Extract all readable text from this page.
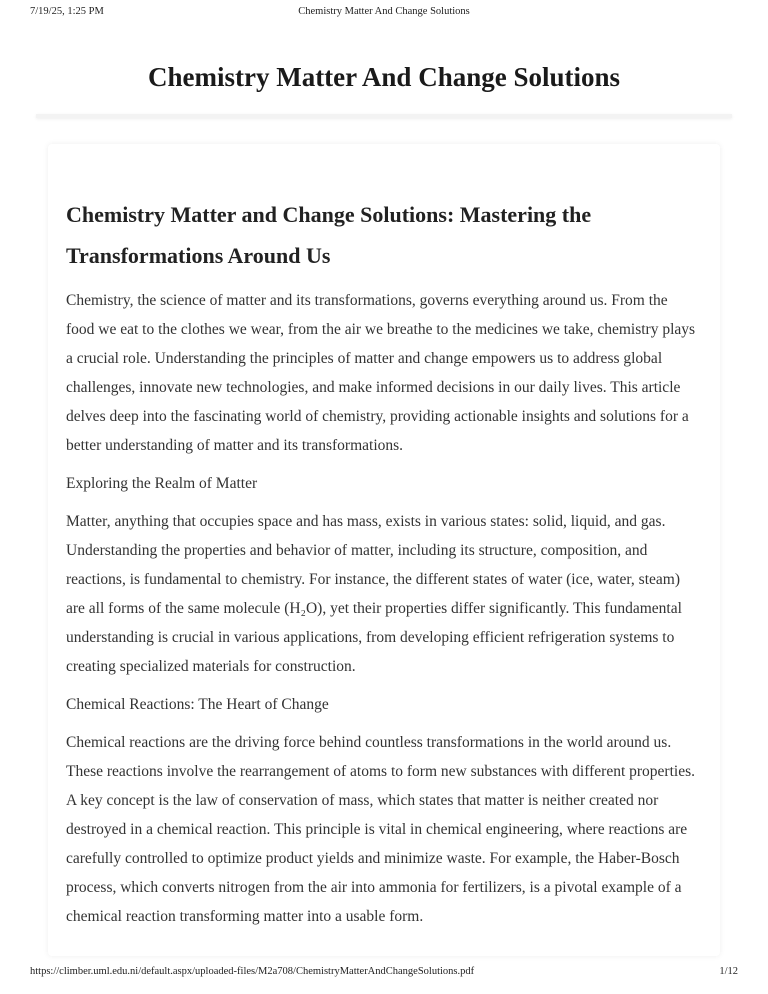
7/19/25, 1:25 PM	Chemistry Matter And Change Solutions
Chemistry Matter And Change Solutions
Chemistry Matter and Change Solutions: Mastering the Transformations Around Us

Chemistry, the science of matter and its transformations, governs everything around us. From the food we eat to the clothes we wear, from the air we breathe to the medicines we take, chemistry plays a crucial role. Understanding the principles of matter and change empowers us to address global challenges, innovate new technologies, and make informed decisions in our daily lives. This article delves deep into the fascinating world of chemistry, providing actionable insights and solutions for a better understanding of matter and its transformations.

Exploring the Realm of Matter

Matter, anything that occupies space and has mass, exists in various states: solid, liquid, and gas. Understanding the properties and behavior of matter, including its structure, composition, and reactions, is fundamental to chemistry. For instance, the different states of water (ice, water, steam) are all forms of the same molecule (H₂O), yet their properties differ significantly. This fundamental understanding is crucial in various applications, from developing efficient refrigeration systems to creating specialized materials for construction.

Chemical Reactions: The Heart of Change

Chemical reactions are the driving force behind countless transformations in the world around us. These reactions involve the rearrangement of atoms to form new substances with different properties. A key concept is the law of conservation of mass, which states that matter is neither created nor destroyed in a chemical reaction. This principle is vital in chemical engineering, where reactions are carefully controlled to optimize product yields and minimize waste. For example, the Haber-Bosch process, which converts nitrogen from the air into ammonia for fertilizers, is a pivotal example of a chemical reaction transforming matter into a usable form.

https://climber.uml.edu.ni/default.aspx/uploaded-files/M2a708/ChemistryMatterAndChangeSolutions.pdf	1/12
